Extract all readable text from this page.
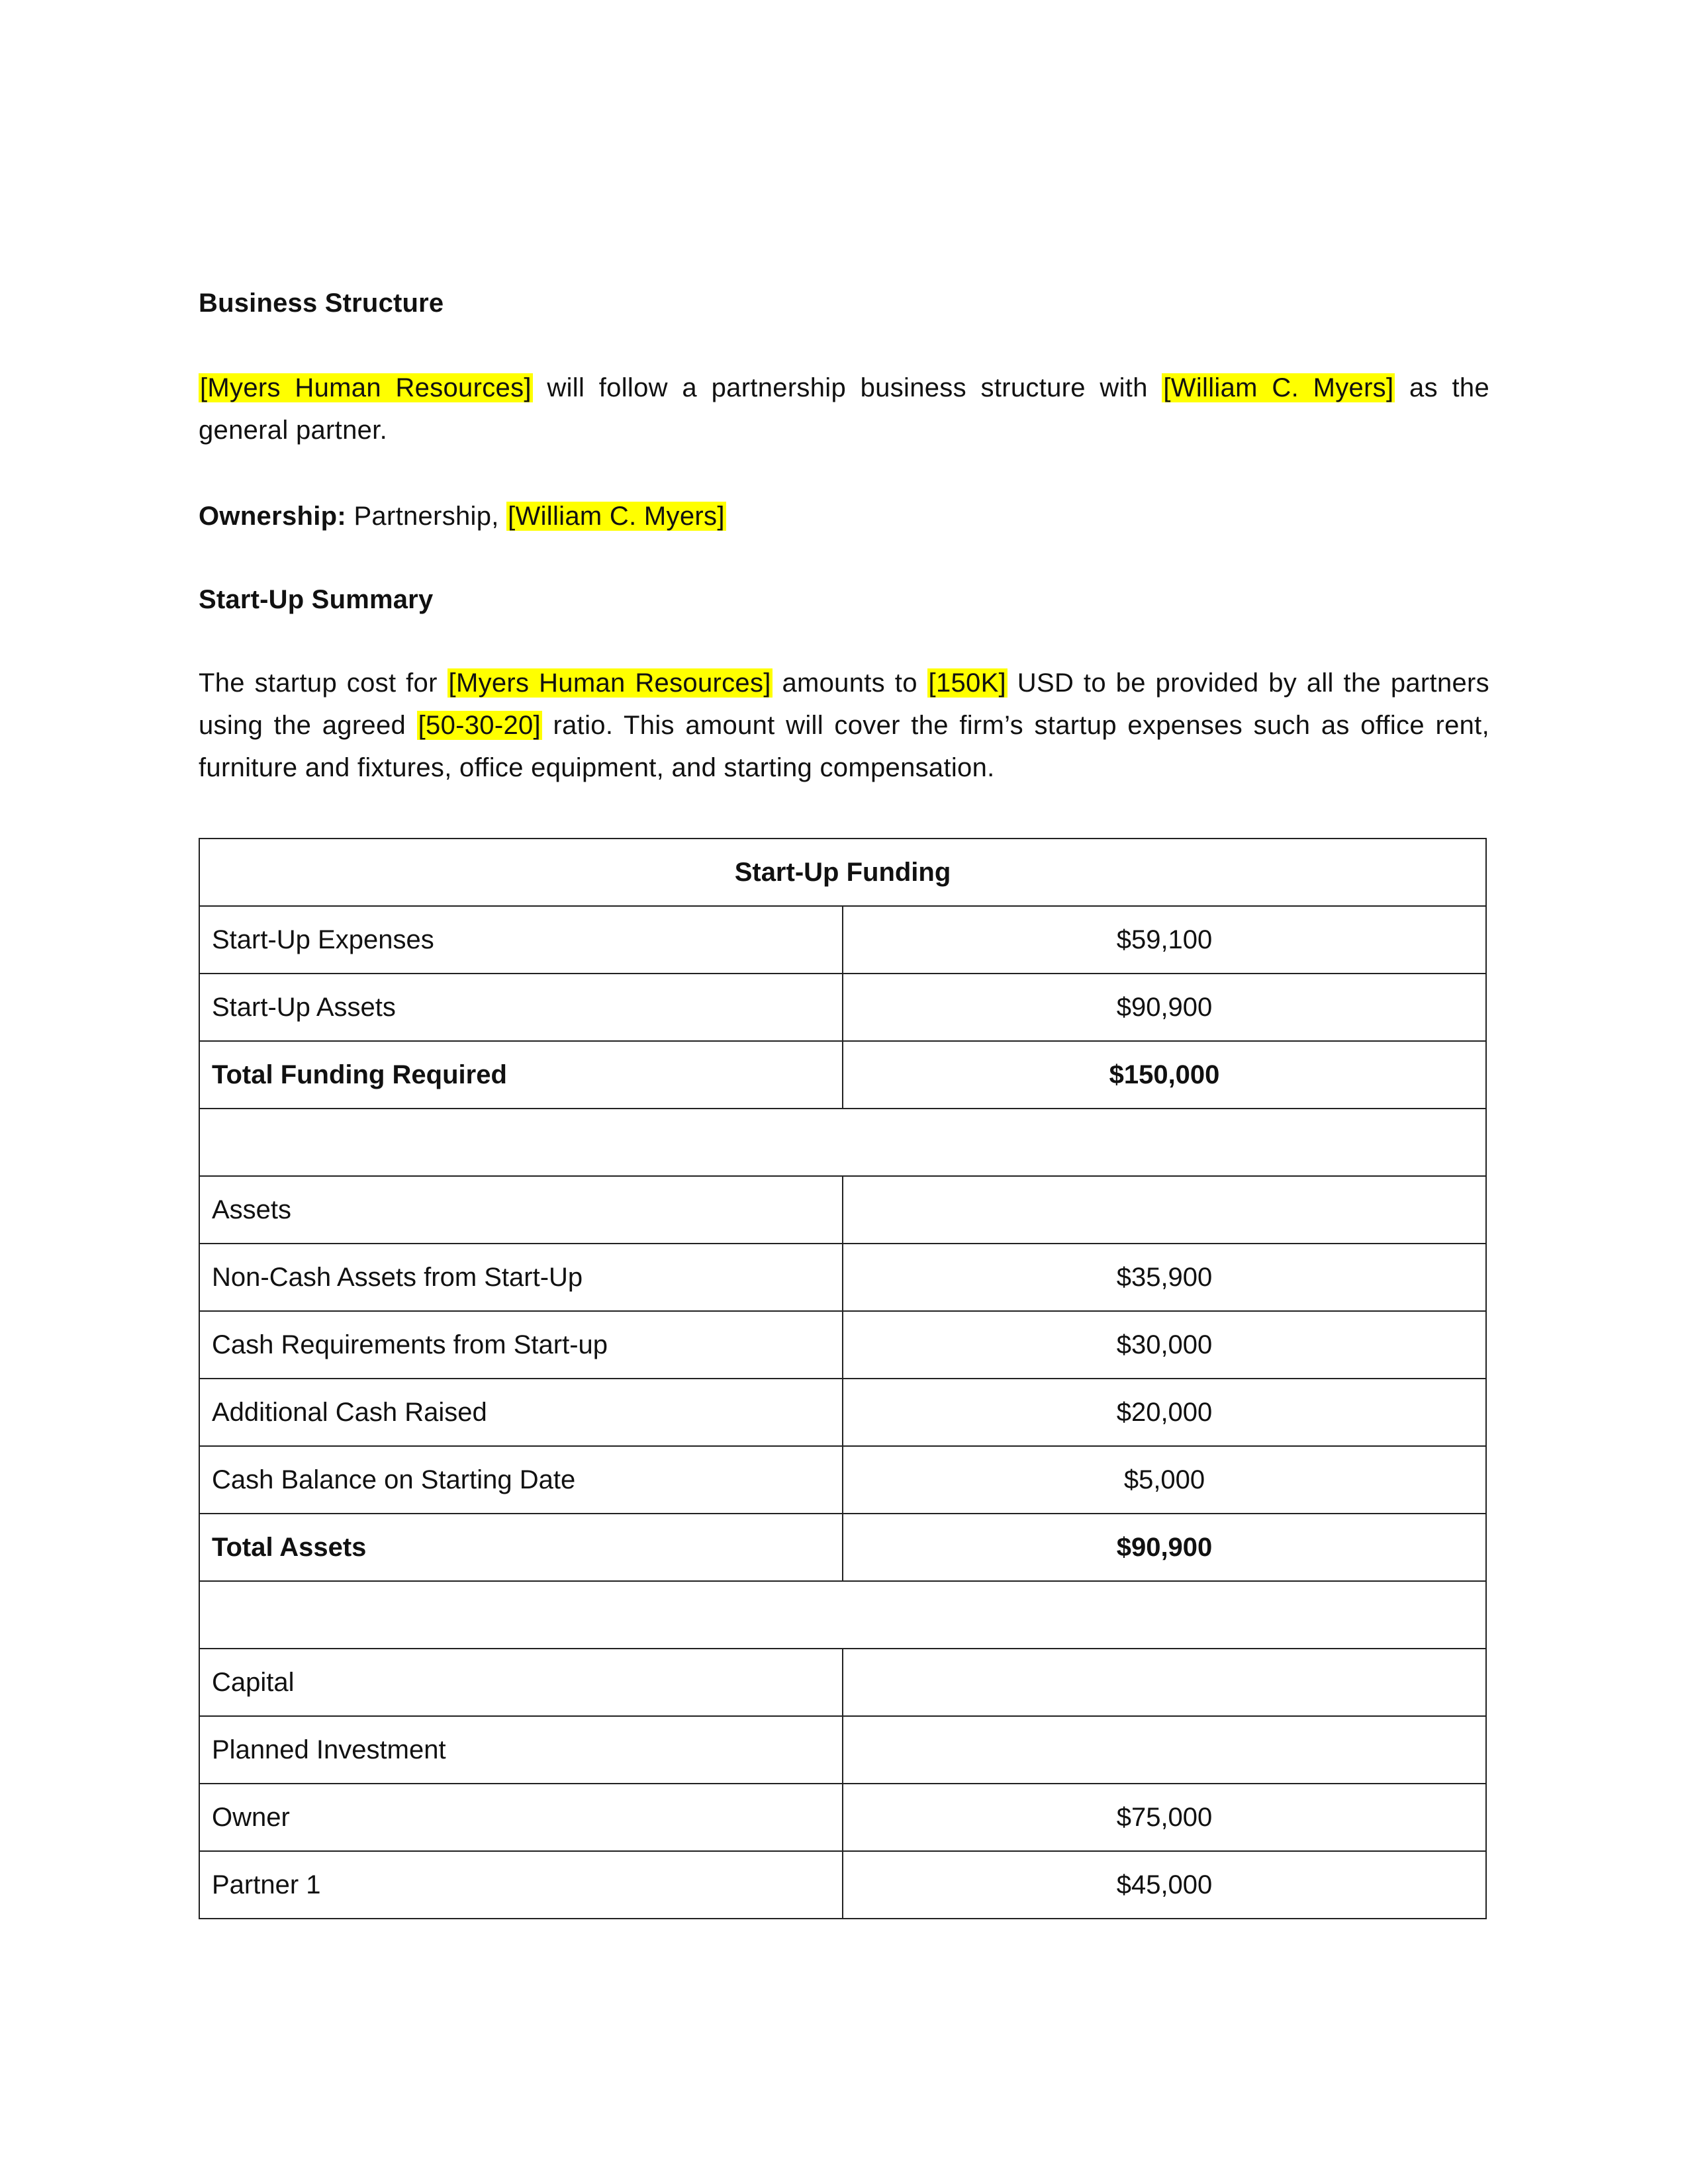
Business Structure

[Myers Human Resources] will follow a partnership business structure with [William C. Myers] as the general partner.

Ownership: Partnership, [William C. Myers]

Start-Up Summary

The startup cost for [Myers Human Resources] amounts to [150K] USD to be provided by all the partners using the agreed [50-30-20] ratio. This amount will cover the firm’s startup expenses such as office rent, furniture and fixtures, office equipment, and starting compensation.

Start-Up Funding	
Start-Up Expenses	$59,100
Start-Up Assets	$90,900
Total Funding Required	$150,000

Assets	
Non-Cash Assets from Start-Up	$35,900
Cash Requirements from Start-up	$30,000
Additional Cash Raised	$20,000
Cash Balance on Starting Date	$5,000
Total Assets	$90,900

Capital	
Planned Investment	
Owner	$75,000
Partner 1	$45,000
